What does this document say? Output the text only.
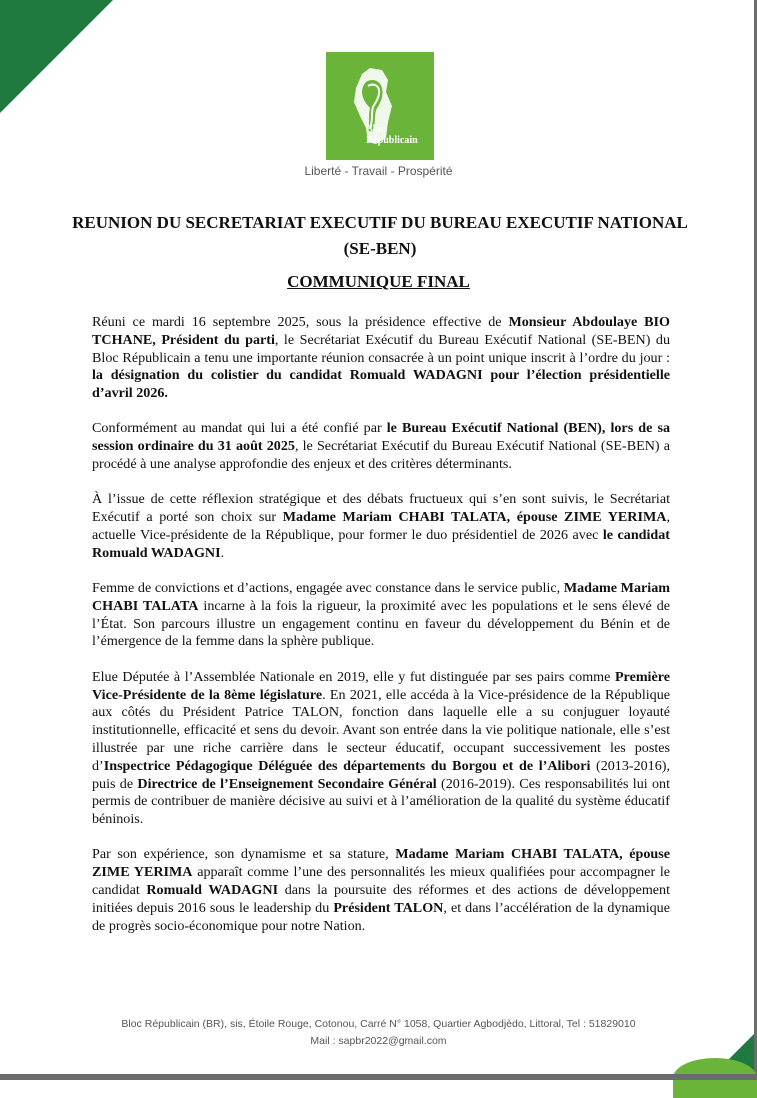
Bloc
Républicain
Liberté - Travail - Prospérité
REUNION DU SECRETARIAT EXECUTIF DU BUREAU EXECUTIF NATIONAL (SE-BEN)
COMMUNIQUE FINAL

Réuni ce mardi 16 septembre 2025, sous la présidence effective de Monsieur Abdoulaye BIO TCHANE, Président du parti, le Secrétariat Exécutif du Bureau Exécutif National (SE-BEN) du Bloc Républicain a tenu une importante réunion consacrée à un point unique inscrit à l’ordre du jour : la désignation du colistier du candidat Romuald WADAGNI pour l’élection présidentielle d’avril 2026.

Conformément au mandat qui lui a été confié par le Bureau Exécutif National (BEN), lors de sa session ordinaire du 31 août 2025, le Secrétariat Exécutif du Bureau Exécutif National (SE-BEN) a procédé à une analyse approfondie des enjeux et des critères déterminants.

À l’issue de cette réflexion stratégique et des débats fructueux qui s’en sont suivis, le Secrétariat Exécutif a porté son choix sur Madame Mariam CHABI TALATA, épouse ZIME YERIMA, actuelle Vice-présidente de la République, pour former le duo présidentiel de 2026 avec le candidat Romuald WADAGNI.

Femme de convictions et d’actions, engagée avec constance dans le service public, Madame Mariam CHABI TALATA incarne à la fois la rigueur, la proximité avec les populations et le sens élevé de l’État. Son parcours illustre un engagement continu en faveur du développement du Bénin et de l’émergence de la femme dans la sphère publique.

Elue Députée à l’Assemblée Nationale en 2019, elle y fut distinguée par ses pairs comme Première Vice-Présidente de la 8ème législature. En 2021, elle accéda à la Vice-présidence de la République aux côtés du Président Patrice TALON, fonction dans laquelle elle a su conjuguer loyauté institutionnelle, efficacité et sens du devoir. Avant son entrée dans la vie politique nationale, elle s’est illustrée par une riche carrière dans le secteur éducatif, occupant successivement les postes d’Inspectrice Pédagogique Déléguée des départements du Borgou et de l’Alibori (2013-2016), puis de Directrice de l’Enseignement Secondaire Général (2016-2019). Ces responsabilités lui ont permis de contribuer de manière décisive au suivi et à l’amélioration de la qualité du système éducatif béninois.

Par son expérience, son dynamisme et sa stature, Madame Mariam CHABI TALATA, épouse ZIME YERIMA apparaît comme l’une des personnalités les mieux qualifiées pour accompagner le candidat Romuald WADAGNI dans la poursuite des réformes et des actions de développement initiées depuis 2016 sous le leadership du Président TALON, et dans l’accélération de la dynamique de progrès socio-économique pour notre Nation.

Bloc Républicain (BR), sis, Étoile Rouge, Cotonou, Carré N° 1058, Quartier Agbodjèdo, Littoral, Tel : 51829010
Mail : sapbr2022@gmail.com
